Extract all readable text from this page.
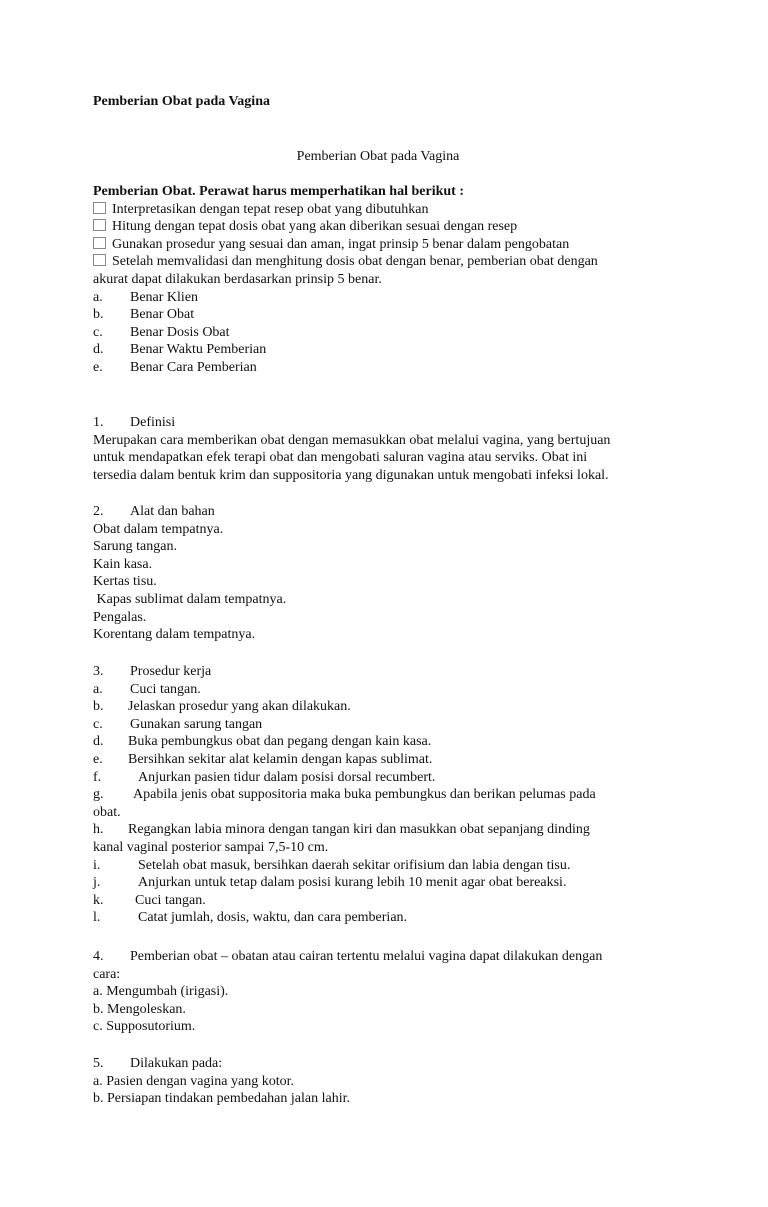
Pemberian Obat pada Vagina
Pemberian Obat pada Vagina
Pemberian Obat. Perawat harus memperhatikan hal berikut :
Interpretasikan dengan tepat resep obat yang dibutuhkan
Hitung dengan tepat dosis obat yang akan diberikan sesuai dengan resep
Gunakan prosedur yang sesuai dan aman, ingat prinsip 5 benar dalam pengobatan
Setelah memvalidasi dan menghitung dosis obat dengan benar, pemberian obat dengan
akurat dapat dilakukan berdasarkan prinsip 5 benar.
a. Benar Klien
b. Benar Obat
c. Benar Dosis Obat
d. Benar Waktu Pemberian
e. Benar Cara Pemberian
1. Definisi
Merupakan cara memberikan obat dengan memasukkan obat melalui vagina, yang bertujuan
untuk mendapatkan efek terapi obat dan mengobati saluran vagina atau serviks. Obat ini
tersedia dalam bentuk krim dan suppositoria yang digunakan untuk mengobati infeksi lokal.
2. Alat dan bahan
Obat dalam tempatnya.
Sarung tangan.
Kain kasa.
Kertas tisu.
Kapas sublimat dalam tempatnya.
Pengalas.
Korentang dalam tempatnya.
3. Prosedur kerja
a. Cuci tangan.
b. Jelaskan prosedur yang akan dilakukan.
c. Gunakan sarung tangan
d. Buka pembungkus obat dan pegang dengan kain kasa.
e. Bersihkan sekitar alat kelamin dengan kapas sublimat.
f.	Anjurkan pasien tidur dalam posisi dorsal recumbert.
g. Apabila jenis obat suppositoria maka buka pembungkus dan berikan pelumas pada
obat.
h. Regangkan labia minora dengan tangan kiri dan masukkan obat sepanjang dinding
kanal vaginal posterior sampai 7,5-10 cm.
i.	Setelah obat masuk, bersihkan daerah sekitar orifisium dan labia dengan tisu.
j.	Anjurkan untuk tetap dalam posisi kurang lebih 10 menit agar obat bereaksi.
k. Cuci tangan.
l.	Catat jumlah, dosis, waktu, dan cara pemberian.
4. Pemberian obat – obatan atau cairan tertentu melalui vagina dapat dilakukan dengan
cara:
a. Mengumbah (irigasi).
b. Mengoleskan.
c. Supposutorium.
5. Dilakukan pada:
a. Pasien dengan vagina yang kotor.
b. Persiapan tindakan pembedahan jalan lahir.
